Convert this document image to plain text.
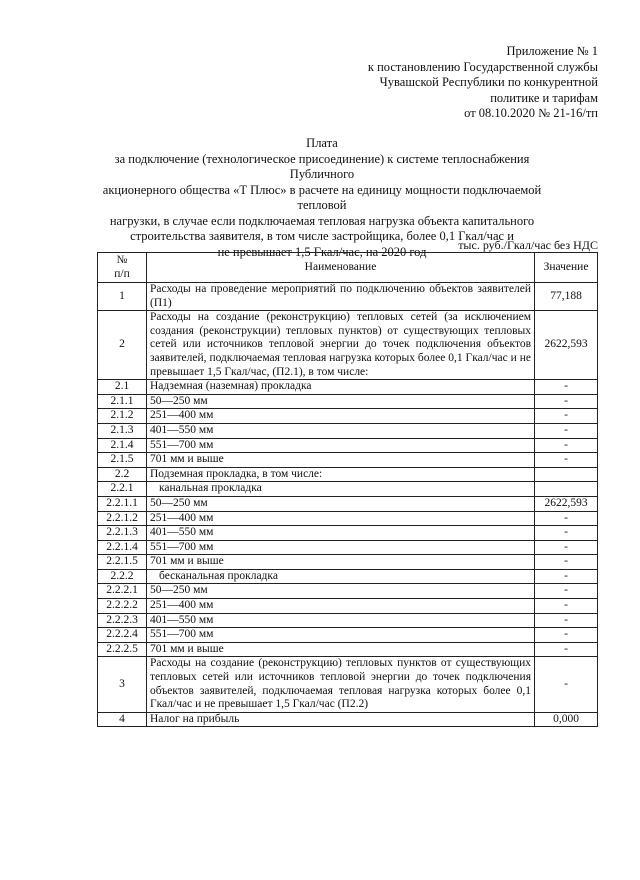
Приложение № 1
к постановлению Государственной службы
Чувашской Республики по конкурентной
политике и тарифам
от 08.10.2020 № 21-16/тп
Плата
за подключение (технологическое присоединение) к системе теплоснабжения Публичного
акционерного общества «Т Плюс» в расчете на единицу мощности подключаемой тепловой
нагрузки, в случае если подключаемая тепловая нагрузка объекта капитального
строительства заявителя, в том числе застройщика, более 0,1 Гкал/час и
не превышает 1,5 Гкал/час, на 2020 год	тыс. руб./Гкал/час без НДС
№
п/п	Наименование	Значение
1	Расходы на проведение мероприятий по подключению объектов заявителей (П1)	77,188
2	Расходы на создание (реконструкцию) тепловых сетей (за исключением создания (реконструкции) тепловых пунктов) от существующих тепловых сетей или источников тепловой энергии до точек подключения объектов заявителей, подключаемая тепловая нагрузка которых более 0,1 Гкал/час и не превышает 1,5 Гкал/час, (П2.1), в том числе:	2622,593
2.1	Надземная (наземная) прокладка	-
2.1.1	50—250 мм	-
2.1.2	251—400 мм	-
2.1.3	401—550 мм	-
2.1.4	551—700 мм	-
2.1.5	701 мм и выше	-
2.2	Подземная прокладка, в том числе:	
2.2.1	канальная прокладка	
2.2.1.1	50—250 мм	2622,593
2.2.1.2	251—400 мм	-
2.2.1.3	401—550 мм	-
2.2.1.4	551—700 мм	-
2.2.1.5	701 мм и выше	-
2.2.2	бесканальная прокладка	-
2.2.2.1	50—250 мм	-
2.2.2.2	251—400 мм	-
2.2.2.3	401—550 мм	-
2.2.2.4	551—700 мм	-
2.2.2.5	701 мм и выше	-
3	Расходы на создание (реконструкцию) тепловых пунктов от существующих тепловых сетей или источников тепловой энергии до точек подключения объектов заявителей, подключаемая тепловая нагрузка которых более 0,1 Гкал/час и не превышает 1,5 Гкал/час (П2.2)	-
4	Налог на прибыль	0,000
